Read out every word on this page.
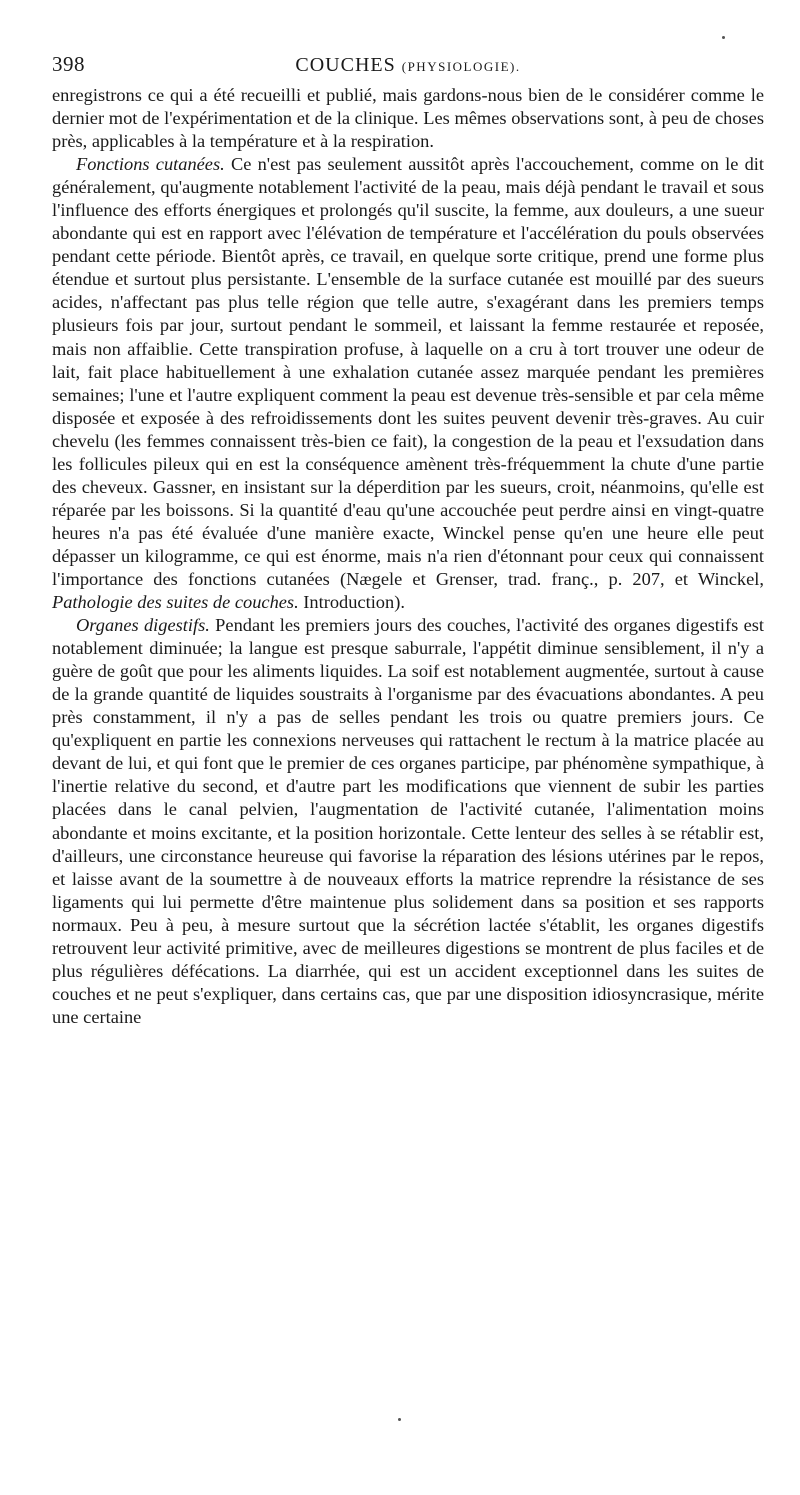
398	COUCHES (PHYSIOLOGIE).

enregistrons ce qui a été recueilli et publié, mais gardons-nous bien de le considérer comme le dernier mot de l'expérimentation et de la clinique. Les mêmes observations sont, à peu de choses près, applicables à la température et à la respiration.

Fonctions cutanées. Ce n'est pas seulement aussitôt après l'accouchement, comme on le dit généralement, qu'augmente notablement l'activité de la peau, mais déjà pendant le travail et sous l'influence des efforts énergiques et prolongés qu'il suscite, la femme, aux douleurs, a une sueur abondante qui est en rapport avec l'élévation de température et l'accélération du pouls observées pendant cette période. Bientôt après, ce travail, en quelque sorte critique, prend une forme plus étendue et surtout plus persistante. L'ensemble de la surface cutanée est mouillé par des sueurs acides, n'affectant pas plus telle région que telle autre, s'exagérant dans les premiers temps plusieurs fois par jour, surtout pendant le sommeil, et laissant la femme restaurée et reposée, mais non affaiblie. Cette transpiration profuse, à laquelle on a cru à tort trouver une odeur de lait, fait place habituellement à une exhalation cutanée assez marquée pendant les premières semaines; l'une et l'autre expliquent comment la peau est devenue très-sensible et par cela même disposée et exposée à des refroidissements dont les suites peuvent devenir très-graves. Au cuir chevelu (les femmes connaissent très-bien ce fait), la congestion de la peau et l'exsudation dans les follicules pileux qui en est la conséquence amènent très-fréquemment la chute d'une partie des cheveux. Gassner, en insistant sur la déperdition par les sueurs, croit, néanmoins, qu'elle est réparée par les boissons. Si la quantité d'eau qu'une accouchée peut perdre ainsi en vingt-quatre heures n'a pas été évaluée d'une manière exacte, Winckel pense qu'en une heure elle peut dépasser un kilogramme, ce qui est énorme, mais n'a rien d'étonnant pour ceux qui connaissent l'importance des fonctions cutanées (Nægele et Grenser, trad. franç., p. 207, et Winckel, Pathologie des suites de couches. Introduction).

Organes digestifs. Pendant les premiers jours des couches, l'activité des organes digestifs est notablement diminuée; la langue est presque saburrale, l'appétit diminue sensiblement, il n'y a guère de goût que pour les aliments liquides. La soif est notablement augmentée, surtout à cause de la grande quantité de liquides soustraits à l'organisme par des évacuations abondantes. A peu près constamment, il n'y a pas de selles pendant les trois ou quatre premiers jours. Ce qu'expliquent en partie les connexions nerveuses qui rattachent le rectum à la matrice placée au devant de lui, et qui font que le premier de ces organes participe, par phénomène sympathique, à l'inertie relative du second, et d'autre part les modifications que viennent de subir les parties placées dans le canal pelvien, l'augmentation de l'activité cutanée, l'alimentation moins abondante et moins excitante, et la position horizontale. Cette lenteur des selles à se rétablir est, d'ailleurs, une circonstance heureuse qui favorise la réparation des lésions utérines par le repos, et laisse avant de la soumettre à de nouveaux efforts la matrice reprendre la résistance de ses ligaments qui lui permette d'être maintenue plus solidement dans sa position et ses rapports normaux. Peu à peu, à mesure surtout que la sécrétion lactée s'établit, les organes digestifs retrouvent leur activité primitive, avec de meilleures digestions se montrent de plus faciles et de plus régulières défécations. La diarrhée, qui est un accident exceptionnel dans les suites de couches et ne peut s'expliquer, dans certains cas, que par une disposition idiosyncrasique, mérite une certaine
